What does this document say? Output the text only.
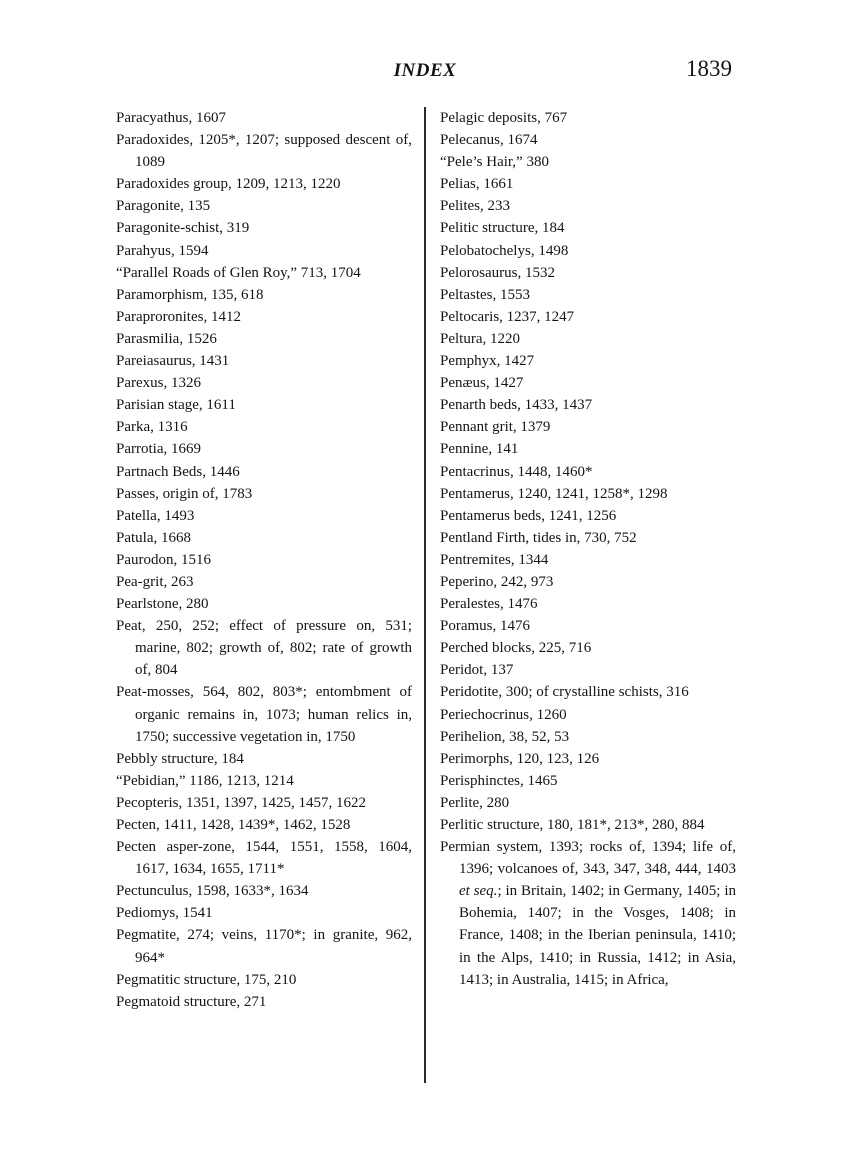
INDEX	1839

Paracyathus, 1607

Paradoxides, 1205*, 1207; supposed descent of, 1089

Paradoxides group, 1209, 1213, 1220

Paragonite, 135

Paragonite-schist, 319

Parahyus, 1594

“Parallel Roads of Glen Roy,” 713, 1704

Paramorphism, 135, 618

Paraproronites, 1412

Parasmilia, 1526

Pareiasaurus, 1431

Parexus, 1326

Parisian stage, 1611

Parka, 1316

Parrotia, 1669

Partnach Beds, 1446

Passes, origin of, 1783

Patella, 1493

Patula, 1668

Paurodon, 1516

Pea-grit, 263

Pearlstone, 280

Peat, 250, 252; effect of pressure on, 531; marine, 802; growth of, 802; rate of growth of, 804

Peat-mosses, 564, 802, 803*; entombment of organic remains in, 1073; human relics in, 1750; successive vegetation in, 1750

Pebbly structure, 184

“Pebidian,” 1186, 1213, 1214

Pecopteris, 1351, 1397, 1425, 1457, 1622

Pecten, 1411, 1428, 1439*, 1462, 1528

Pecten asper-zone, 1544, 1551, 1558, 1604, 1617, 1634, 1655, 1711*

Pectunculus, 1598, 1633*, 1634

Pediomys, 1541

Pegmatite, 274; veins, 1170*; in granite, 962, 964*

Pegmatitic structure, 175, 210

Pegmatoid structure, 271

Pelagic deposits, 767

Pelecanus, 1674

“Pele’s Hair,” 380

Pelias, 1661

Pelites, 233

Pelitic structure, 184

Pelobatochelys, 1498

Pelorosaurus, 1532

Peltastes, 1553

Peltocaris, 1237, 1247

Peltura, 1220

Pemphyx, 1427

Penæus, 1427

Penarth beds, 1433, 1437

Pennant grit, 1379

Pennine, 141

Pentacrinus, 1448, 1460*

Pentamerus, 1240, 1241, 1258*, 1298

Pentamerus beds, 1241, 1256

Pentland Firth, tides in, 730, 752

Pentremites, 1344

Peperino, 242, 973

Peralestes, 1476

Poramus, 1476

Perched blocks, 225, 716

Peridot, 137

Peridotite, 300; of crystalline schists, 316

Periechocrinus, 1260

Perihelion, 38, 52, 53

Perimorphs, 120, 123, 126

Perisphinctes, 1465

Perlite, 280

Perlitic structure, 180, 181*, 213*, 280, 884

Permian system, 1393; rocks of, 1394; life of, 1396; volcanoes of, 343, 347, 348, 444, 1403 et seq.; in Britain, 1402; in Germany, 1405; in Bohemia, 1407; in the Vosges, 1408; in France, 1408; in the Iberian peninsula, 1410; in the Alps, 1410; in Russia, 1412; in Asia, 1413; in Australia, 1415; in Africa,
